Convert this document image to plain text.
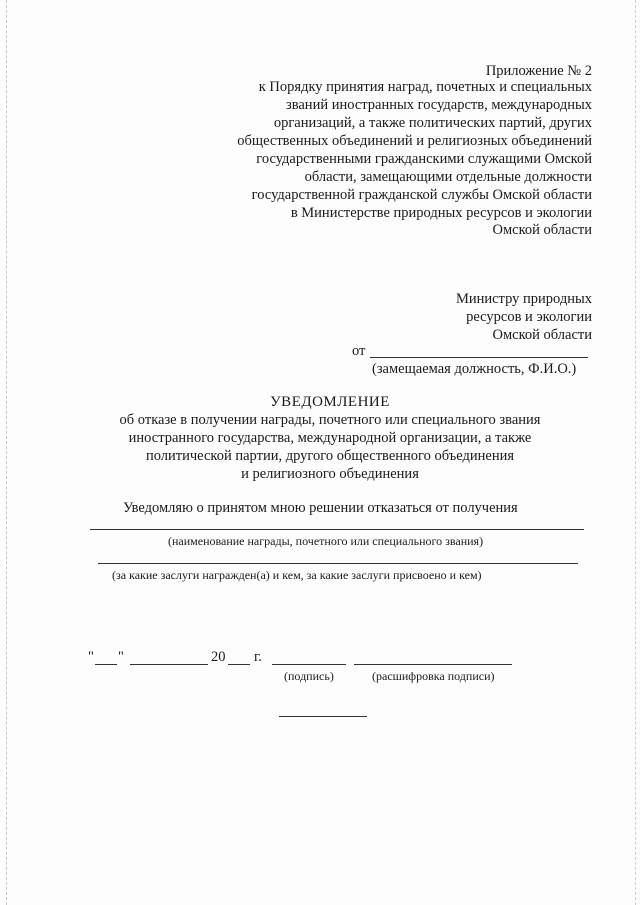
Приложение № 2
к Порядку принятия наград, почетных и специальных
званий иностранных государств, международных
организаций, а также политических партий, других
общественных объединений и религиозных объединений
государственными гражданскими служащими Омской
области, замещающими отдельные должности
государственной гражданской службы Омской области
в Министерстве природных ресурсов и экологии
Омской области
Министру природных
ресурсов и экологии
Омской области
от
(замещаемая должность, Ф.И.О.)
УВЕДОМЛЕНИЕ
об отказе в получении награды, почетного или специального звания
иностранного государства, международной организации, а также
политической партии, другого общественного объединения
и религиозного объединения
Уведомляю о принятом мною решении отказаться от получения
(наименование награды, почетного или специального звания)
(за какие заслуги награжден(а) и кем, за какие заслуги присвоено и кем)
" "	20 г.
(подпись)	(расшифровка подписи)
